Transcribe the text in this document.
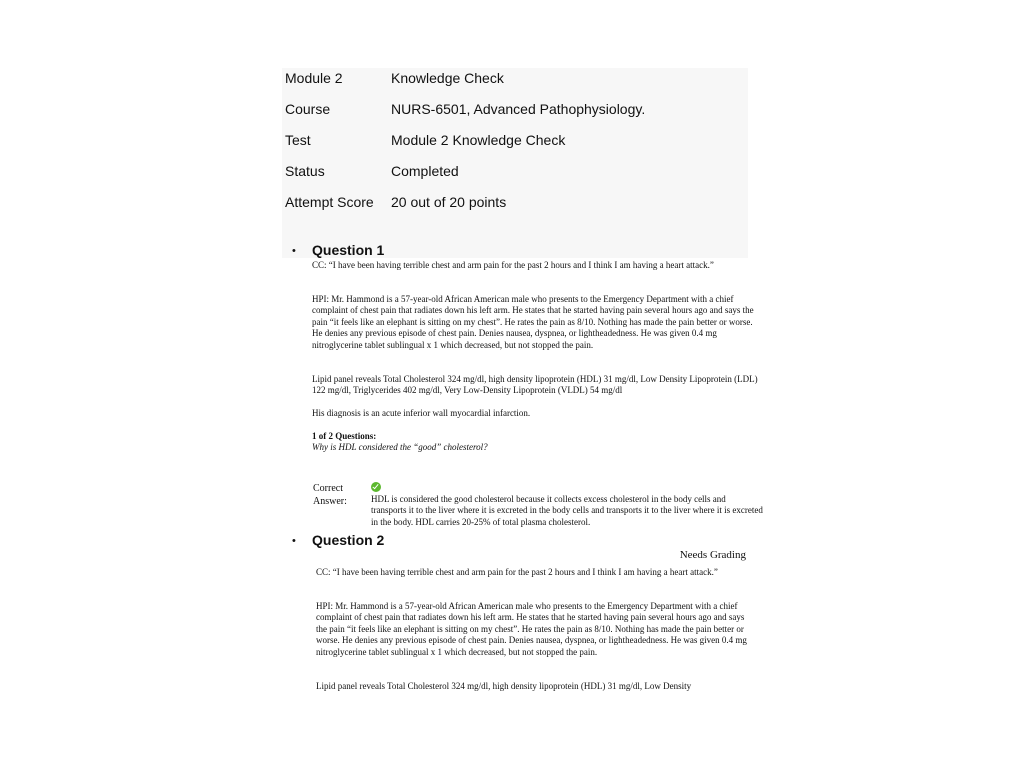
Module 2	Knowledge Check
Course	NURS-6501, Advanced Pathophysiology.
Test	Module 2 Knowledge Check
Status	Completed
Attempt Score 20 out of 20 points
• Question 1

CC: “I have been having terrible chest and arm pain for the past 2 hours and I think I am having a heart attack.”

HPI: Mr. Hammond is a 57-year-old African American male who presents to the Emergency Department with a chief complaint of chest pain that radiates down his left arm. He states that he started having pain several hours ago and says the pain “it feels like an elephant is sitting on my chest”. He rates the pain as 8/10. Nothing has made the pain better or worse. He denies any previous episode of chest pain. Denies nausea, dyspnea, or lightheadedness. He was given 0.4 mg nitroglycerine tablet sublingual x 1 which decreased, but not stopped the pain.

Lipid panel reveals Total Cholesterol 324 mg/dl, high density lipoprotein (HDL) 31 mg/dl, Low Density Lipoprotein (LDL) 122 mg/dl, Triglycerides 402 mg/dl, Very Low-Density Lipoprotein (VLDL) 54 mg/dl

His diagnosis is an acute inferior wall myocardial infarction.

1 of 2 Questions:

Why is HDL considered the “good” cholesterol?

Correct Answer:	HDL is considered the good cholesterol because it collects excess cholesterol in the body cells and transports it to the liver where it is excreted in the body cells and transports it to the liver where it is excreted in the body. HDL carries 20-25% of total plasma cholesterol.
• Question 2
Needs Grading

CC: “I have been having terrible chest and arm pain for the past 2 hours and I think I am having a heart attack.”

HPI: Mr. Hammond is a 57-year-old African American male who presents to the Emergency Department with a chief complaint of chest pain that radiates down his left arm. He states that he started having pain several hours ago and says the pain “it feels like an elephant is sitting on my chest”. He rates the pain as 8/10. Nothing has made the pain better or worse. He denies any previous episode of chest pain. Denies nausea, dyspnea, or lightheadedness. He was given 0.4 mg nitroglycerine tablet sublingual x 1 which decreased, but not stopped the pain.

Lipid panel reveals Total Cholesterol 324 mg/dl, high density lipoprotein (HDL) 31 mg/dl, Low Density
